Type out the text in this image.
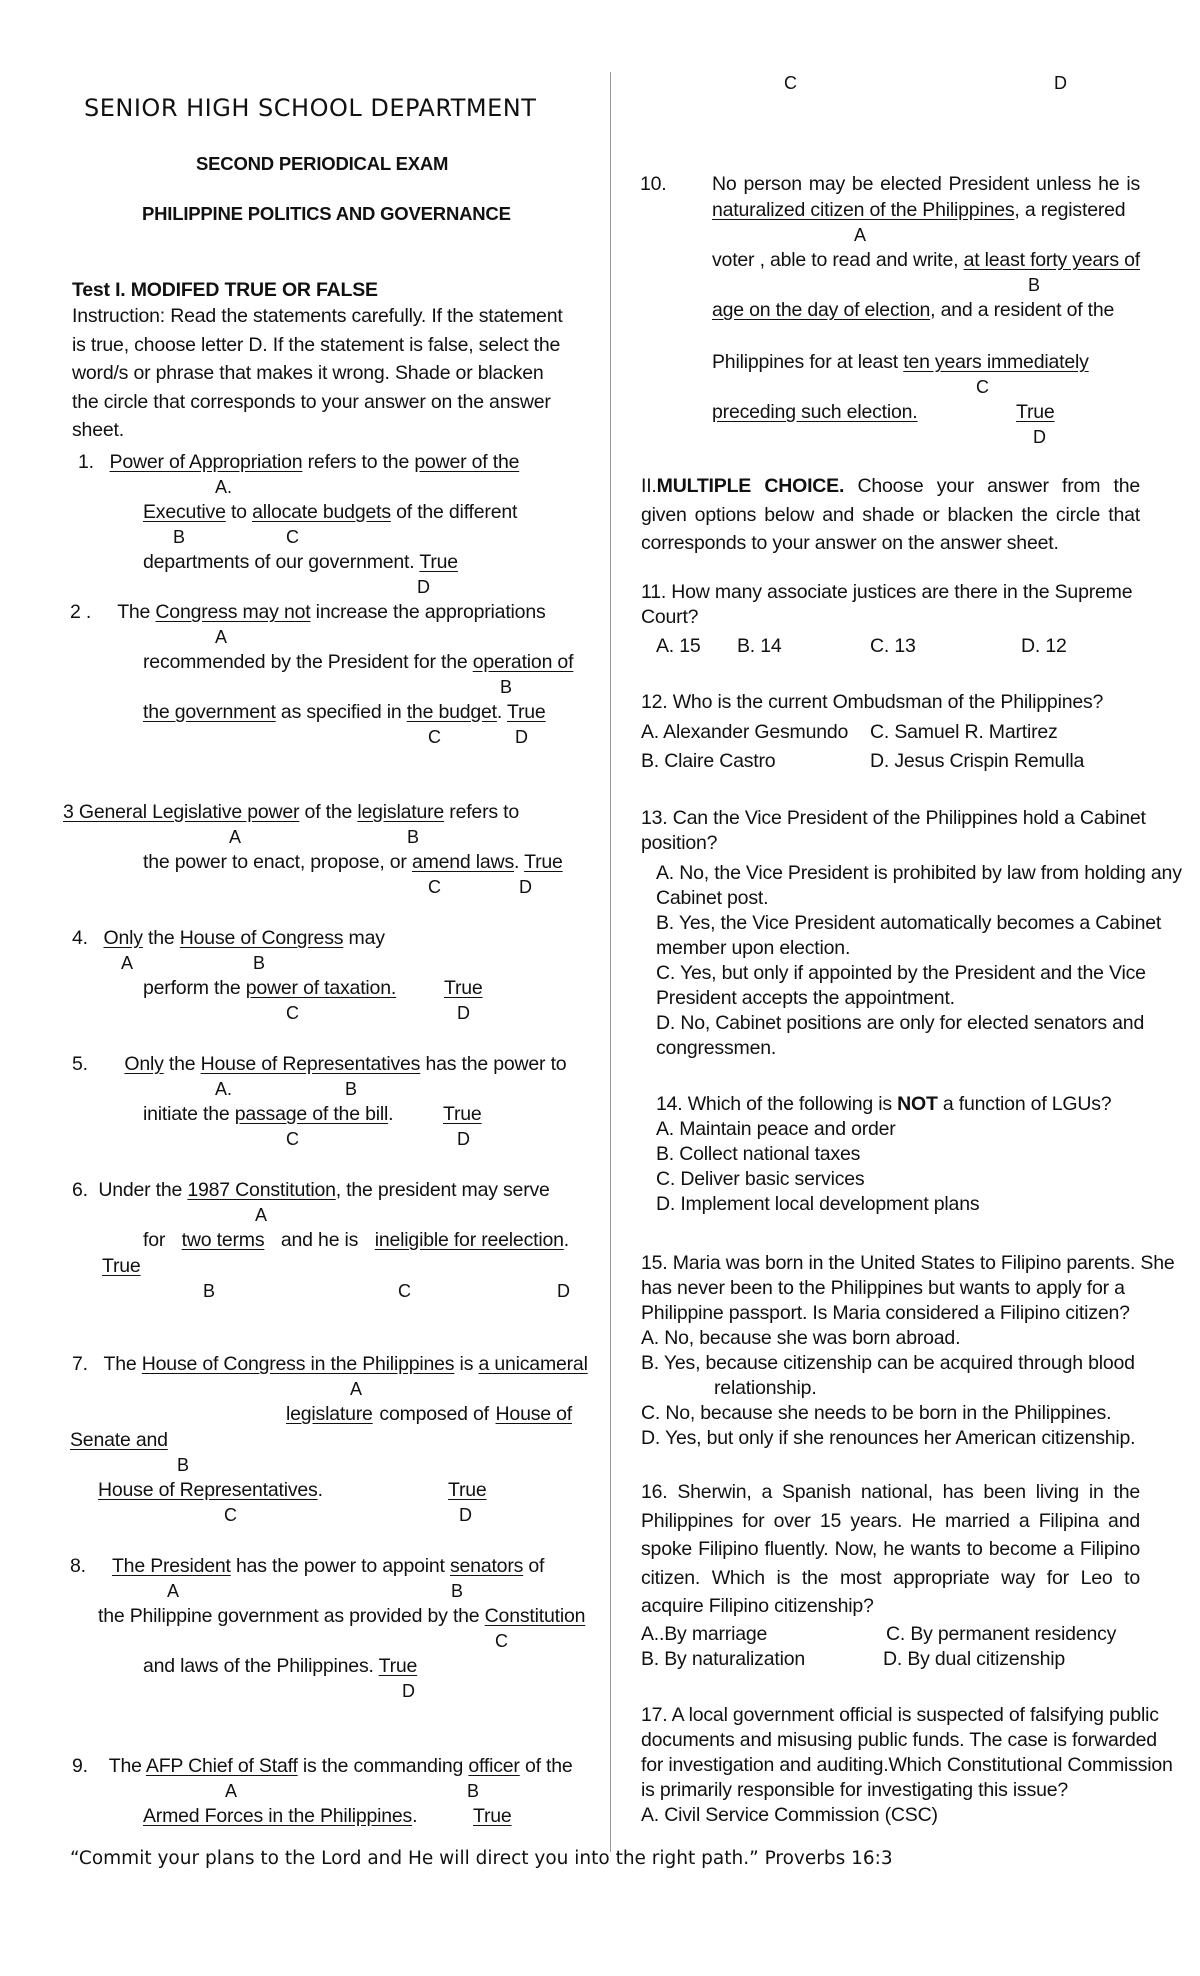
SENIOR HIGH SCHOOL DEPARTMENT
SECOND PERIODICAL EXAM
PHILIPPINE POLITICS AND GOVERNANCE
Test I. MODIFED TRUE OR FALSE
Instruction: Read the statements carefully. If the statement is true, choose letter D. If the statement is false, select the word/s or phrase that makes it wrong. Shade or blacken the circle that corresponds to your answer on the answer sheet.
1. Power of Appropriation refers to the power of the
A.
Executive to allocate budgets of the different
B	C
departments of our government. True
D
2 . The Congress may not increase the appropriations
A
recommended by the President for the operation of
B
the government as specified in the budget. True
C	D
3 General Legislative power of the legislature refers to
A	B
the power to enact, propose, or amend laws. True
C	D
4. Only the House of Congress may
A	B
perform the power of taxation. True
C	D
5. Only the House of Representatives has the power to
A.	B
initiate the passage of the bill.	True
C	D
6. Under the 1987 Constitution, the president may serve
A
for two terms and he is ineligible for reelection.
True
B	C	D
7. The House of Congress in the Philippines is a unicameral
A
legislature composed of House of
Senate and
B
House of Representatives.	True
C	D
8. The President has the power to appoint senators of
A	B
the Philippine government as provided by the Constitution
C
and laws of the Philippines. True
D
9. The AFP Chief of Staff is the commanding officer of the
A	B
Armed Forces in the Philippines.	True
C	D
10. No person may be elected President unless he is
naturalized citizen of the Philippines, a registered
A
voter , able to read and write, at least forty years of
B
age on the day of election, and a resident of the
Philippines for at least ten years immediately
C
preceding such election.	True
D
II.MULTIPLE CHOICE. Choose your answer from the given options below and shade or blacken the circle that corresponds to your answer on the answer sheet.
11. How many associate justices are there in the Supreme
Court?
A. 15 B. 14	C. 13	D. 12
12. Who is the current Ombudsman of the Philippines?
A. Alexander Gesmundo C. Samuel R. Martirez
B. Claire Castro	D. Jesus Crispin Remulla
13. Can the Vice President of the Philippines hold a Cabinet
position?
A. No, the Vice President is prohibited by law from holding any
Cabinet post.
B. Yes, the Vice President automatically becomes a Cabinet
member upon election.
C. Yes, but only if appointed by the President and the Vice
President accepts the appointment.
D. No, Cabinet positions are only for elected senators and
congressmen.
14. Which of the following is NOT a function of LGUs?
A. Maintain peace and order
B. Collect national taxes
C. Deliver basic services
D. Implement local development plans
15. Maria was born in the United States to Filipino parents. She
has never been to the Philippines but wants to apply for a
Philippine passport. Is Maria considered a Filipino citizen?
A. No, because she was born abroad.
B. Yes, because citizenship can be acquired through blood
relationship.
C. No, because she needs to be born in the Philippines.
D. Yes, but only if she renounces her American citizenship.
16. Sherwin, a Spanish national, has been living in the Philippines for over 15 years. He married a Filipina and spoke Filipino fluently. Now, he wants to become a Filipino citizen. Which is the most appropriate way for Leo to acquire Filipino citizenship?
A..By marriage	C. By permanent residency
B. By naturalization	D. By dual citizenship
17. A local government official is suspected of falsifying public
documents and misusing public funds. The case is forwarded
for investigation and auditing.Which Constitutional Commission
is primarily responsible for investigating this issue?
A. Civil Service Commission (CSC)
“Commit your plans to the Lord and He will direct you into the right path.” Proverbs 16:3
